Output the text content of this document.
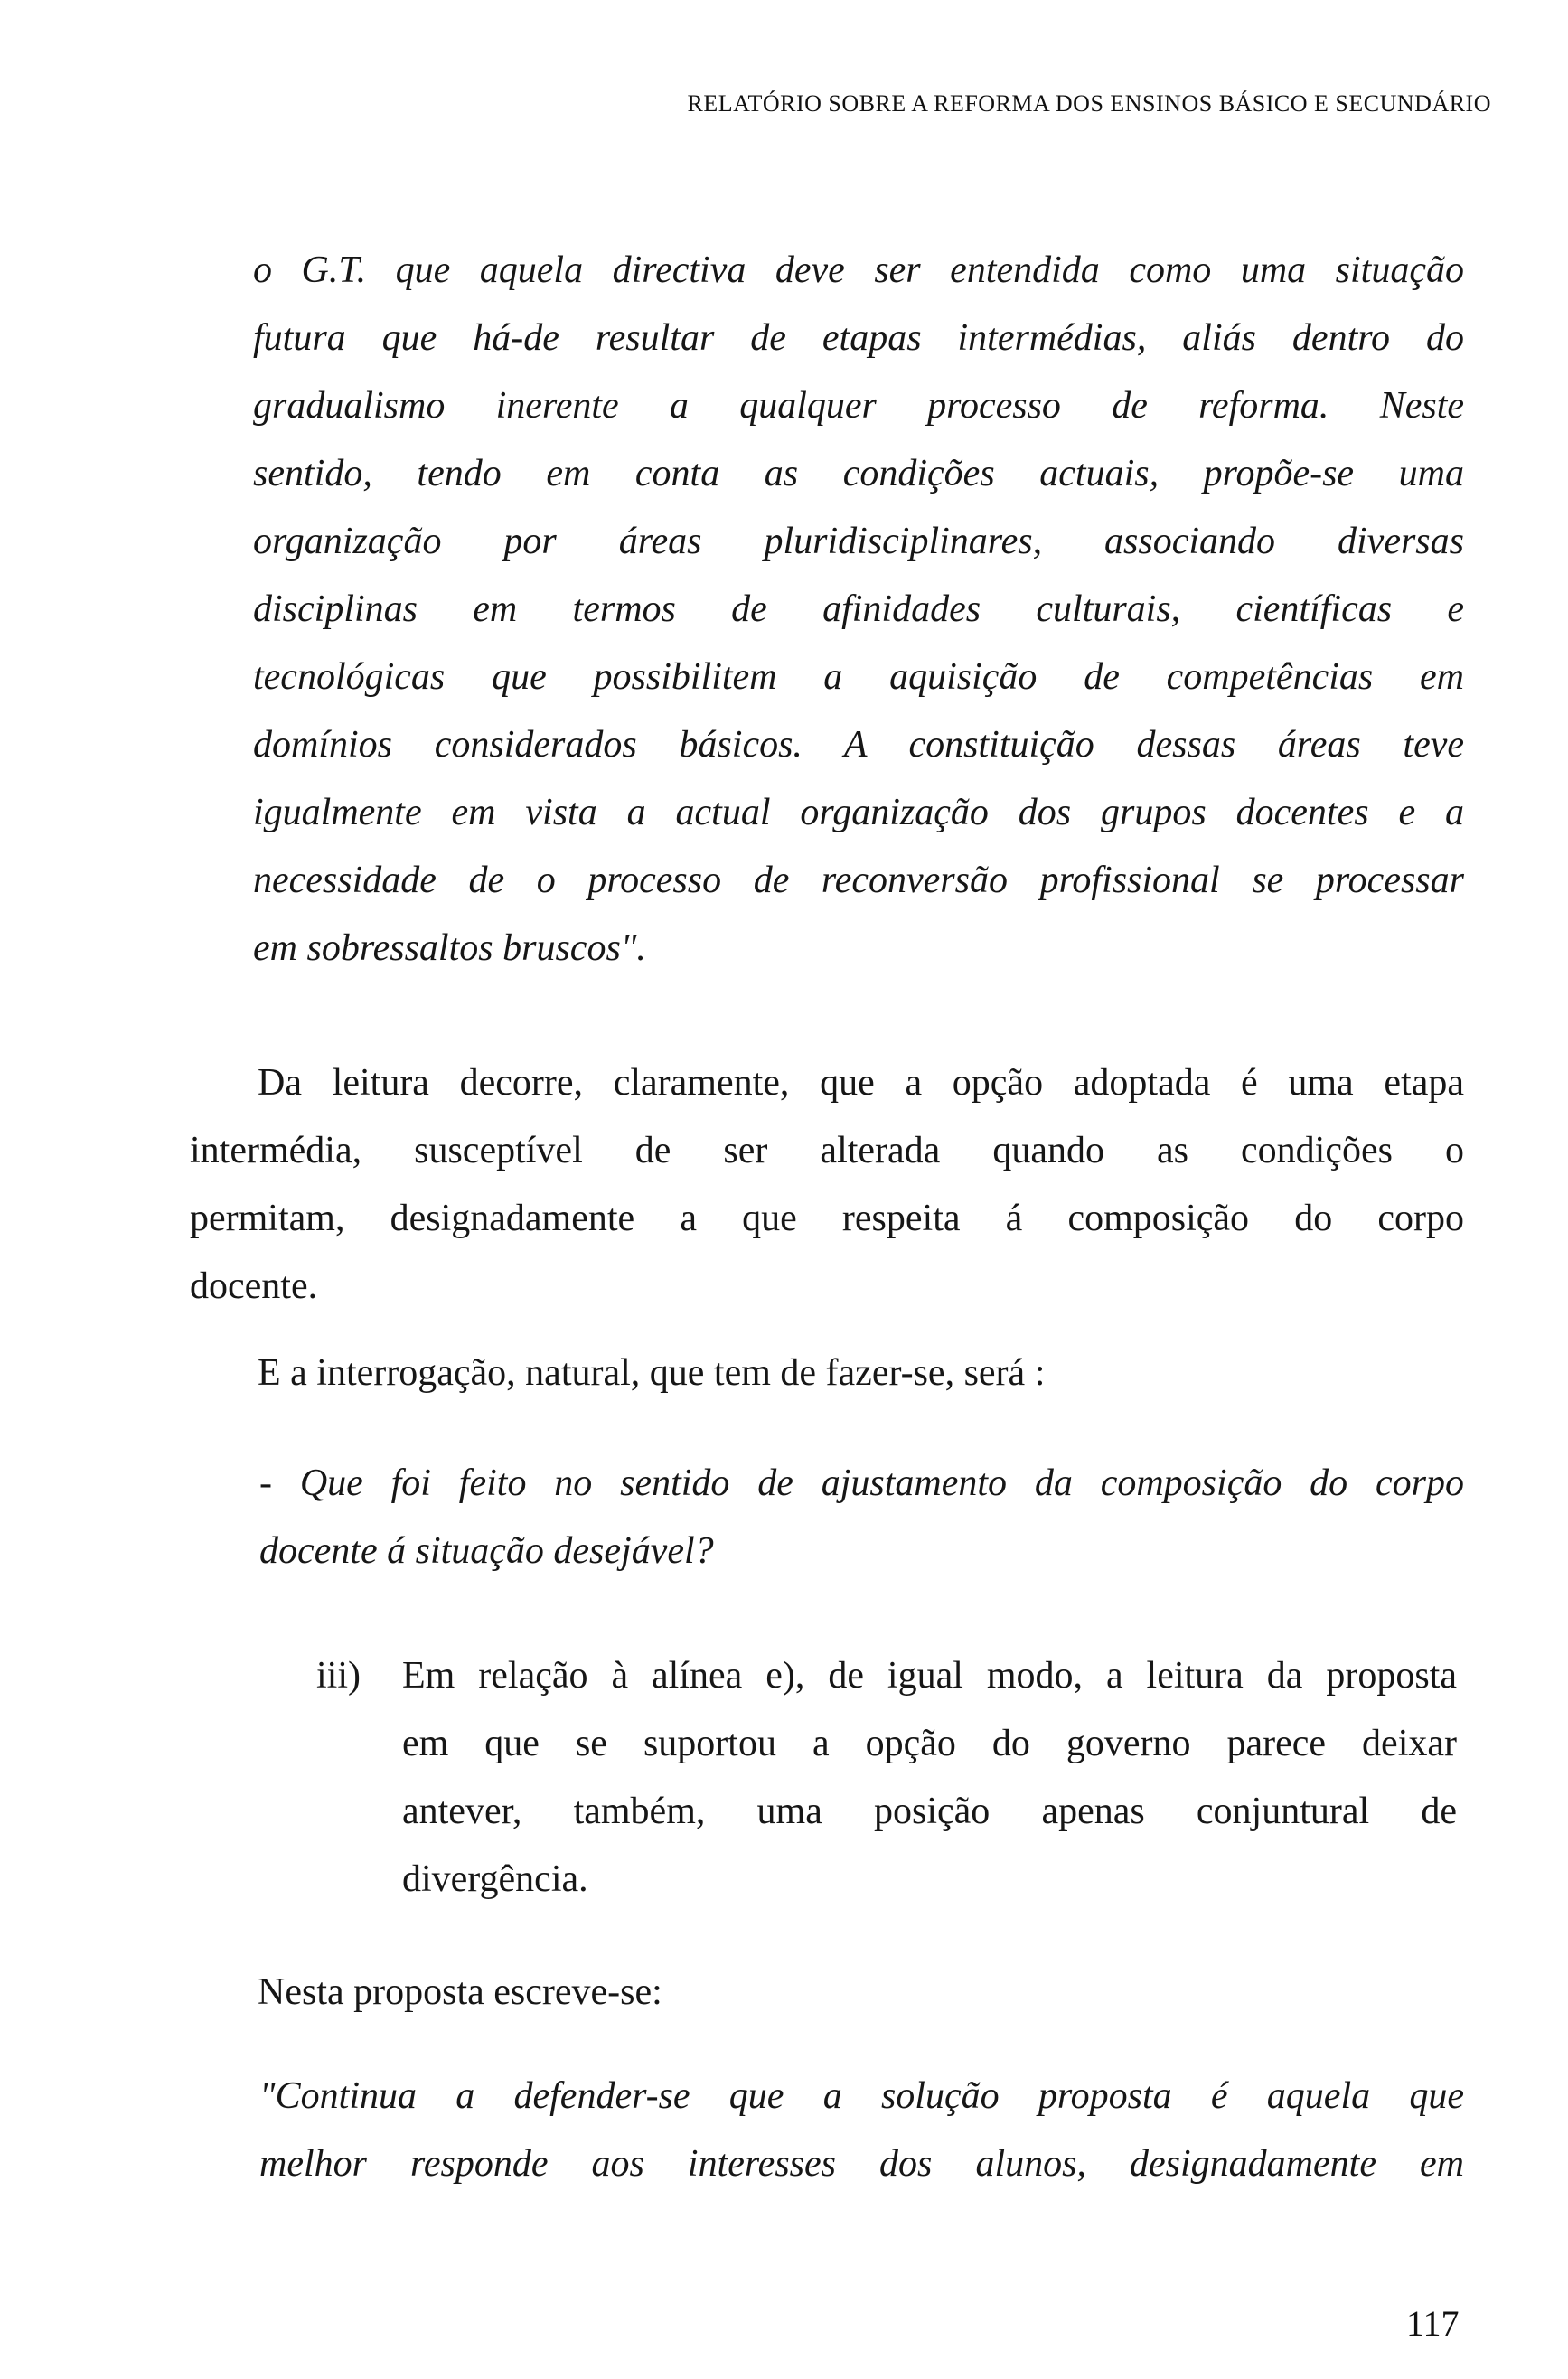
RELATÓRIO SOBRE A REFORMA DOS ENSINOS BÁSICO E SECUNDÁRIO
o G.T. que aquela directiva deve ser entendida como uma situação
futura que há-de resultar de etapas intermédias, aliás dentro do
gradualismo inerente a qualquer processo de reforma. Neste
sentido, tendo em conta as condições actuais, propõe-se uma
organização por áreas pluridisciplinares, associando diversas
disciplinas em termos de afinidades culturais, científicas e
tecnológicas que possibilitem a aquisição de competências em
domínios considerados básicos. A constituição dessas áreas teve
igualmente em vista a actual organização dos grupos docentes e a
necessidade de o processo de reconversão profissional se processar
em sobressaltos bruscos".
Da leitura decorre, claramente, que a opção adoptada é uma etapa
intermédia, susceptível de ser alterada quando as condições o
permitam, designadamente a que respeita á composição do corpo
docente.
E a interrogação, natural, que tem de fazer-se, será :
- Que foi feito no sentido de ajustamento da composição do corpo
docente á situação desejável?
iii) Em relação à alínea e), de igual modo, a leitura da proposta
em que se suportou a opção do governo parece deixar
antever, também, uma posição apenas conjuntural de
divergência.
Nesta proposta escreve-se:
"Continua a defender-se que a solução proposta é aquela que
melhor responde aos interesses dos alunos, designadamente em
117
